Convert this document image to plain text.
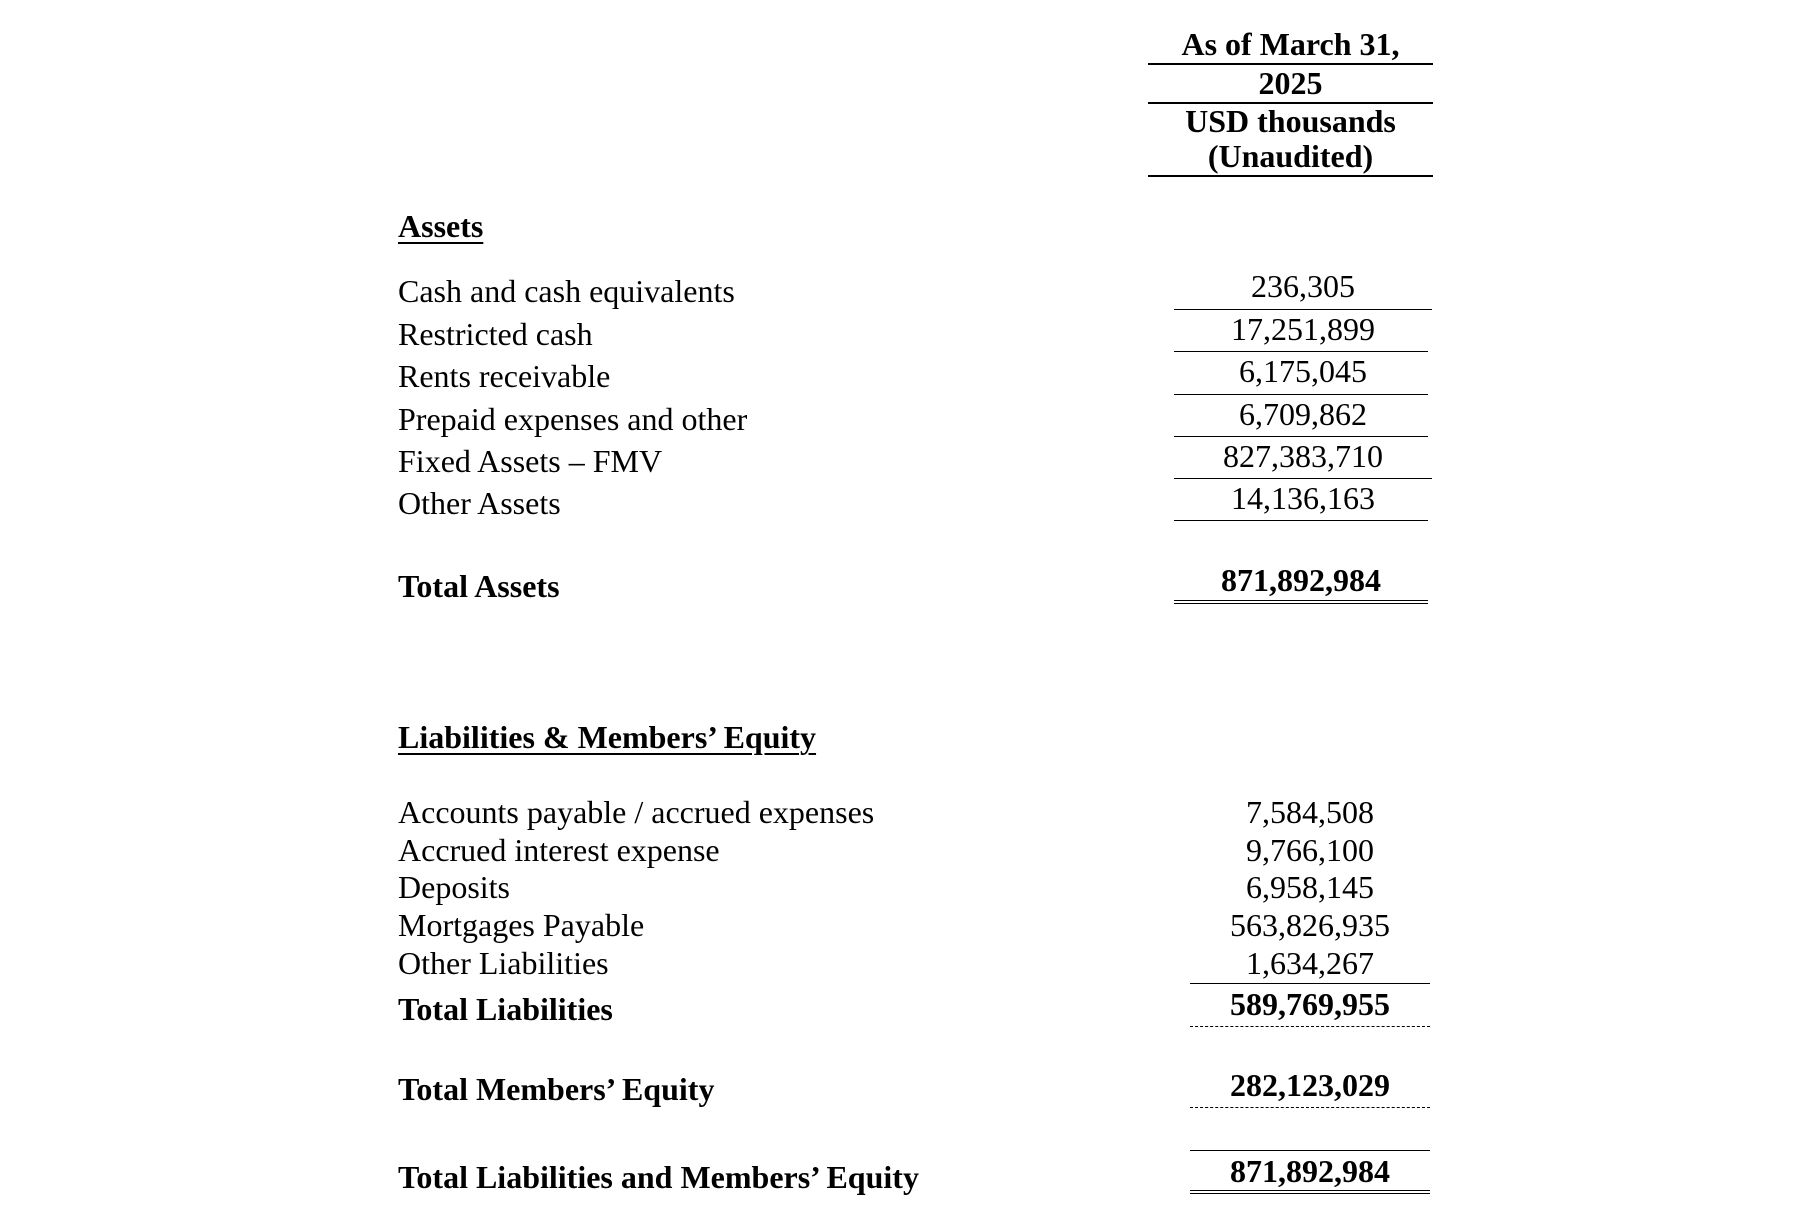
As of March 31,
2025
USD thousands
(Unaudited)
Assets
Cash and cash equivalents	236,305
Restricted cash	17,251,899
Rents receivable	6,175,045
Prepaid expenses and other	6,709,862
Fixed Assets – FMV	827,383,710
Other Assets	14,136,163
Total Assets	871,892,984
Liabilities & Members’ Equity
Accounts payable / accrued expenses	7,584,508
Accrued interest expense	9,766,100
Deposits	6,958,145
Mortgages Payable	563,826,935
Other Liabilities	1,634,267
Total Liabilities	589,769,955
Total Members’ Equity	282,123,029
Total Liabilities and Members’ Equity	871,892,984
